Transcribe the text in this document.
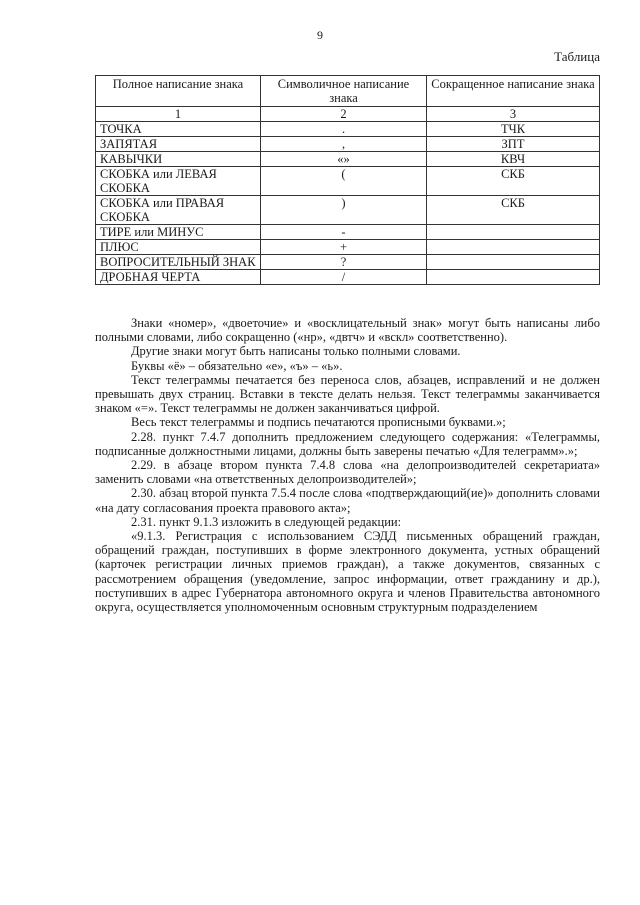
9
Таблица
Полное написание знака	Символичное написание знака	Сокращенное написание знака
1	2	3
ТОЧКА	.	ТЧК
ЗАПЯТАЯ	,	ЗПТ
КАВЫЧКИ	«»	КВЧ
СКОБКА или ЛЕВАЯ СКОБКА	(	СКБ
СКОБКА или ПРАВАЯ СКОБКА	)	СКБ
ТИРЕ или МИНУС	-	
ПЛЮС	+	
ВОПРОСИТЕЛЬНЫЙ ЗНАК	?	
ДРОБНАЯ ЧЕРТА	/	

Знаки «номер», «двоеточие» и «восклицательный знак» могут быть написаны либо полными словами, либо сокращенно («нр», «двтч» и «вскл» соответственно).

Другие знаки могут быть написаны только полными словами.

Буквы «ё» – обязательно «е», «ъ» – «ь».

Текст телеграммы печатается без переноса слов, абзацев, исправлений и не должен превышать двух страниц. Вставки в тексте делать нельзя. Текст телеграммы заканчивается знаком «=». Текст телеграммы не должен заканчиваться цифрой.

Весь текст телеграммы и подпись печатаются прописными буквами.»;

2.28. пункт 7.4.7 дополнить предложением следующего содержания: «Телеграммы, подписанные должностными лицами, должны быть заверены печатью «Для телеграмм».»;

2.29. в абзаце втором пункта 7.4.8 слова «на делопроизводителей секретариата» заменить словами «на ответственных делопроизводителей»;

2.30. абзац второй пункта 7.5.4 после слова «подтверждающий(ие)» дополнить словами «на дату согласования проекта правового акта»;

2.31. пункт 9.1.3 изложить в следующей редакции:

«9.1.3. Регистрация с использованием СЭДД письменных обращений граждан, обращений граждан, поступивших в форме электронного документа, устных обращений (карточек регистрации личных приемов граждан), а также документов, связанных с рассмотрением обращения (уведомление, запрос информации, ответ гражданину и др.), поступивших в адрес Губернатора автономного округа и членов Правительства автономного округа, осуществляется уполномоченным основным структурным подразделением
